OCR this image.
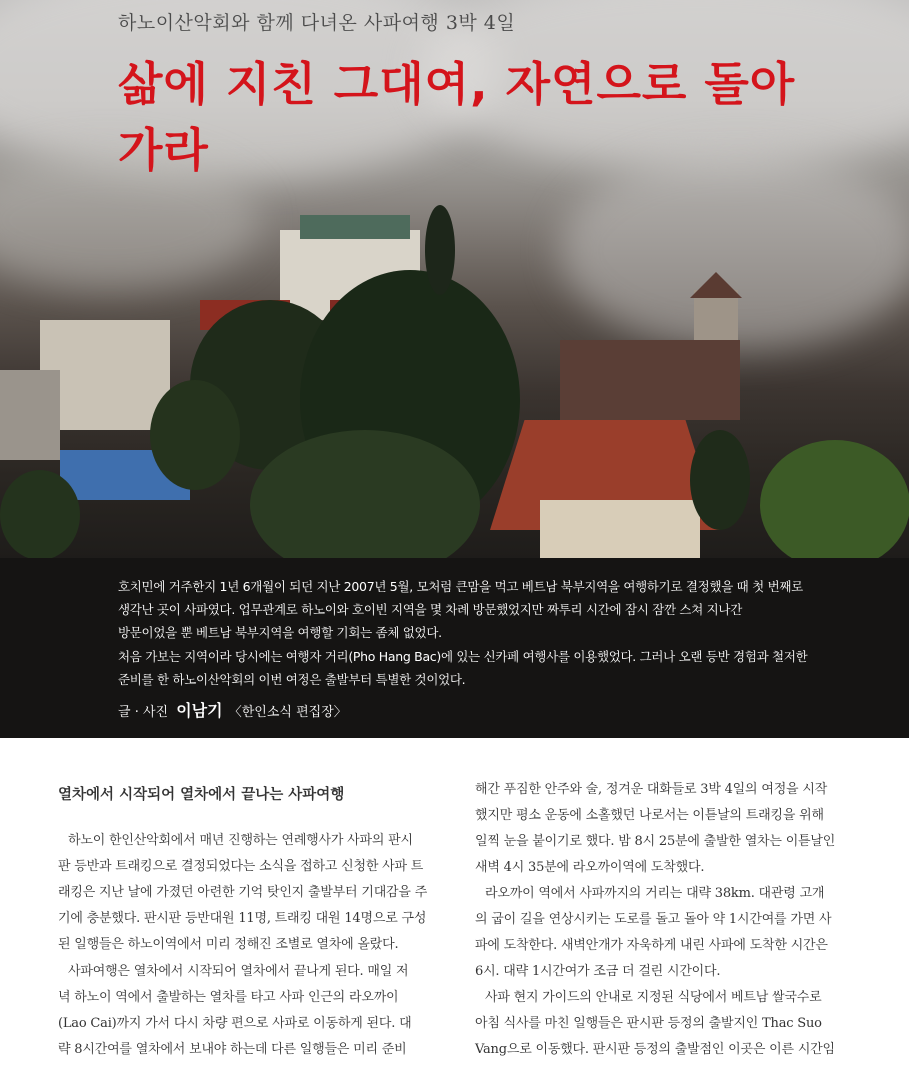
하노이산악회와 함께 다녀온 사파여행 3박 4일
삶에 지친 그대여, 자연으로 돌아가라

호치민에 거주한지 1년 6개월이 되던 지난 2007년 5월, 모처럼 큰맘을 먹고 베트남 북부지역을 여행하기로 결정했을 때 첫 번째로

생각난 곳이 사파였다. 업무관계로 하노이와 호이빈 지역을 몇 차례 방문했었지만 짜투리 시간에 잠시 잠깐 스쳐 지나간

방문이었을 뿐 베트남 북부지역을 여행할 기회는 좀체 없었다.

처음 가보는 지역이라 당시에는 여행자 거리(Pho Hang Bac)에 있는 신카페 여행사를 이용했었다. 그러나 오랜 등반 경험과 철저한

준비를 한 하노이산악회의 이번 여정은 출발부터 특별한 것이었다.

글 · 사진 이남기 〈한인소식 편집장〉
열차에서 시작되어 열차에서 끝나는 사파여행
하노이 한인산악회에서 매년 진행하는 연례행사가 사파의 판시
판 등반과 트래킹으로 결정되었다는 소식을 접하고 신청한 사파 트
래킹은 지난 날에 가졌던 아련한 기억 탓인지 출발부터 기대감을 주
기에 충분했다. 판시판 등반대원 11명, 트래킹 대원 14명으로 구성
된 일행들은 하노이역에서 미리 정해진 조별로 열차에 올랐다.
사파여행은 열차에서 시작되어 열차에서 끝나게 된다. 매일 저
녁 하노이 역에서 출발하는 열차를 타고 사파 인근의 라오까이
(Lao Cai)까지 가서 다시 차량 편으로 사파로 이동하게 된다. 대
략 8시간여를 열차에서 보내야 하는데 다른 일행들은 미리 준비
해간 푸짐한 안주와 술, 정겨운 대화들로 3박 4일의 여정을 시작
했지만 평소 운동에 소홀했던 나로서는 이튿날의 트래킹을 위해
일찍 눈을 붙이기로 했다. 밤 8시 25분에 출발한 열차는 이튿날인
새벽 4시 35분에 라오까이역에 도착했다.
라오까이 역에서 사파까지의 거리는 대략 38km. 대관령 고개
의 굽이 길을 연상시키는 도로를 돌고 돌아 약 1시간여를 가면 사
파에 도착한다. 새벽안개가 자욱하게 내린 사파에 도착한 시간은
6시. 대략 1시간여가 조금 더 걸린 시간이다.
사파 현지 가이드의 안내로 지정된 식당에서 베트남 쌀국수로
아침 식사를 마친 일행들은 판시판 등정의 출발지인 Thac Suo
Vang으로 이동했다. 판시판 등정의 출발점인 이곳은 이른 시간임
